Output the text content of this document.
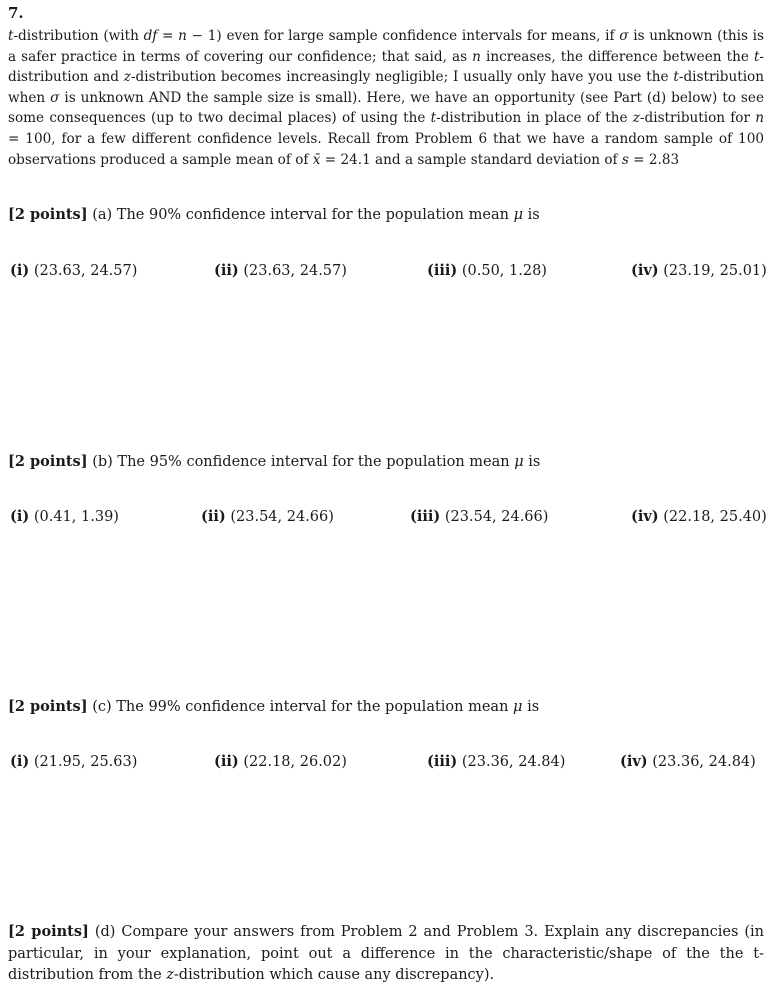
7.

t-distribution (with df = n − 1) even for large sample confidence intervals for means, if σ is unknown (this is a safer practice in terms of covering our confidence; that said, as n increases, the difference between the t-distribution and z-distribution becomes increasingly negligible; I usually only have you use the t-distribution when σ is unknown AND the sample size is small). Here, we have an opportunity (see Part (d) below) to see some consequences (up to two decimal places) of using the t-distribution in place of the z-distribution for n = 100, for a few different confidence levels. Recall from Problem 6 that we have a random sample of 100 observations produced a sample mean of of x̄ = 24.1 and a sample standard deviation of s = 2.83

[2 points] (a) The 90% confidence interval for the population mean μ is
(i) (23.63, 24.57)	(ii) (23.63, 24.57)	(iii) (0.50, 1.28)	(iv) (23.19, 25.01)
[2 points] (b) The 95% confidence interval for the population mean μ is
(i) (0.41, 1.39)	(ii) (23.54, 24.66)	(iii) (23.54, 24.66)	(iv) (22.18, 25.40)
[2 points] (c) The 99% confidence interval for the population mean μ is
(i) (21.95, 25.63)	(ii) (22.18, 26.02)	(iii) (23.36, 24.84)	(iv) (23.36, 24.84)

[2 points] (d) Compare your answers from Problem 2 and Problem 3. Explain any discrepancies (in particular, in your explanation, point out a difference in the characteristic/shape of the the t-distribution from the z-distribution which cause any discrepancy).
